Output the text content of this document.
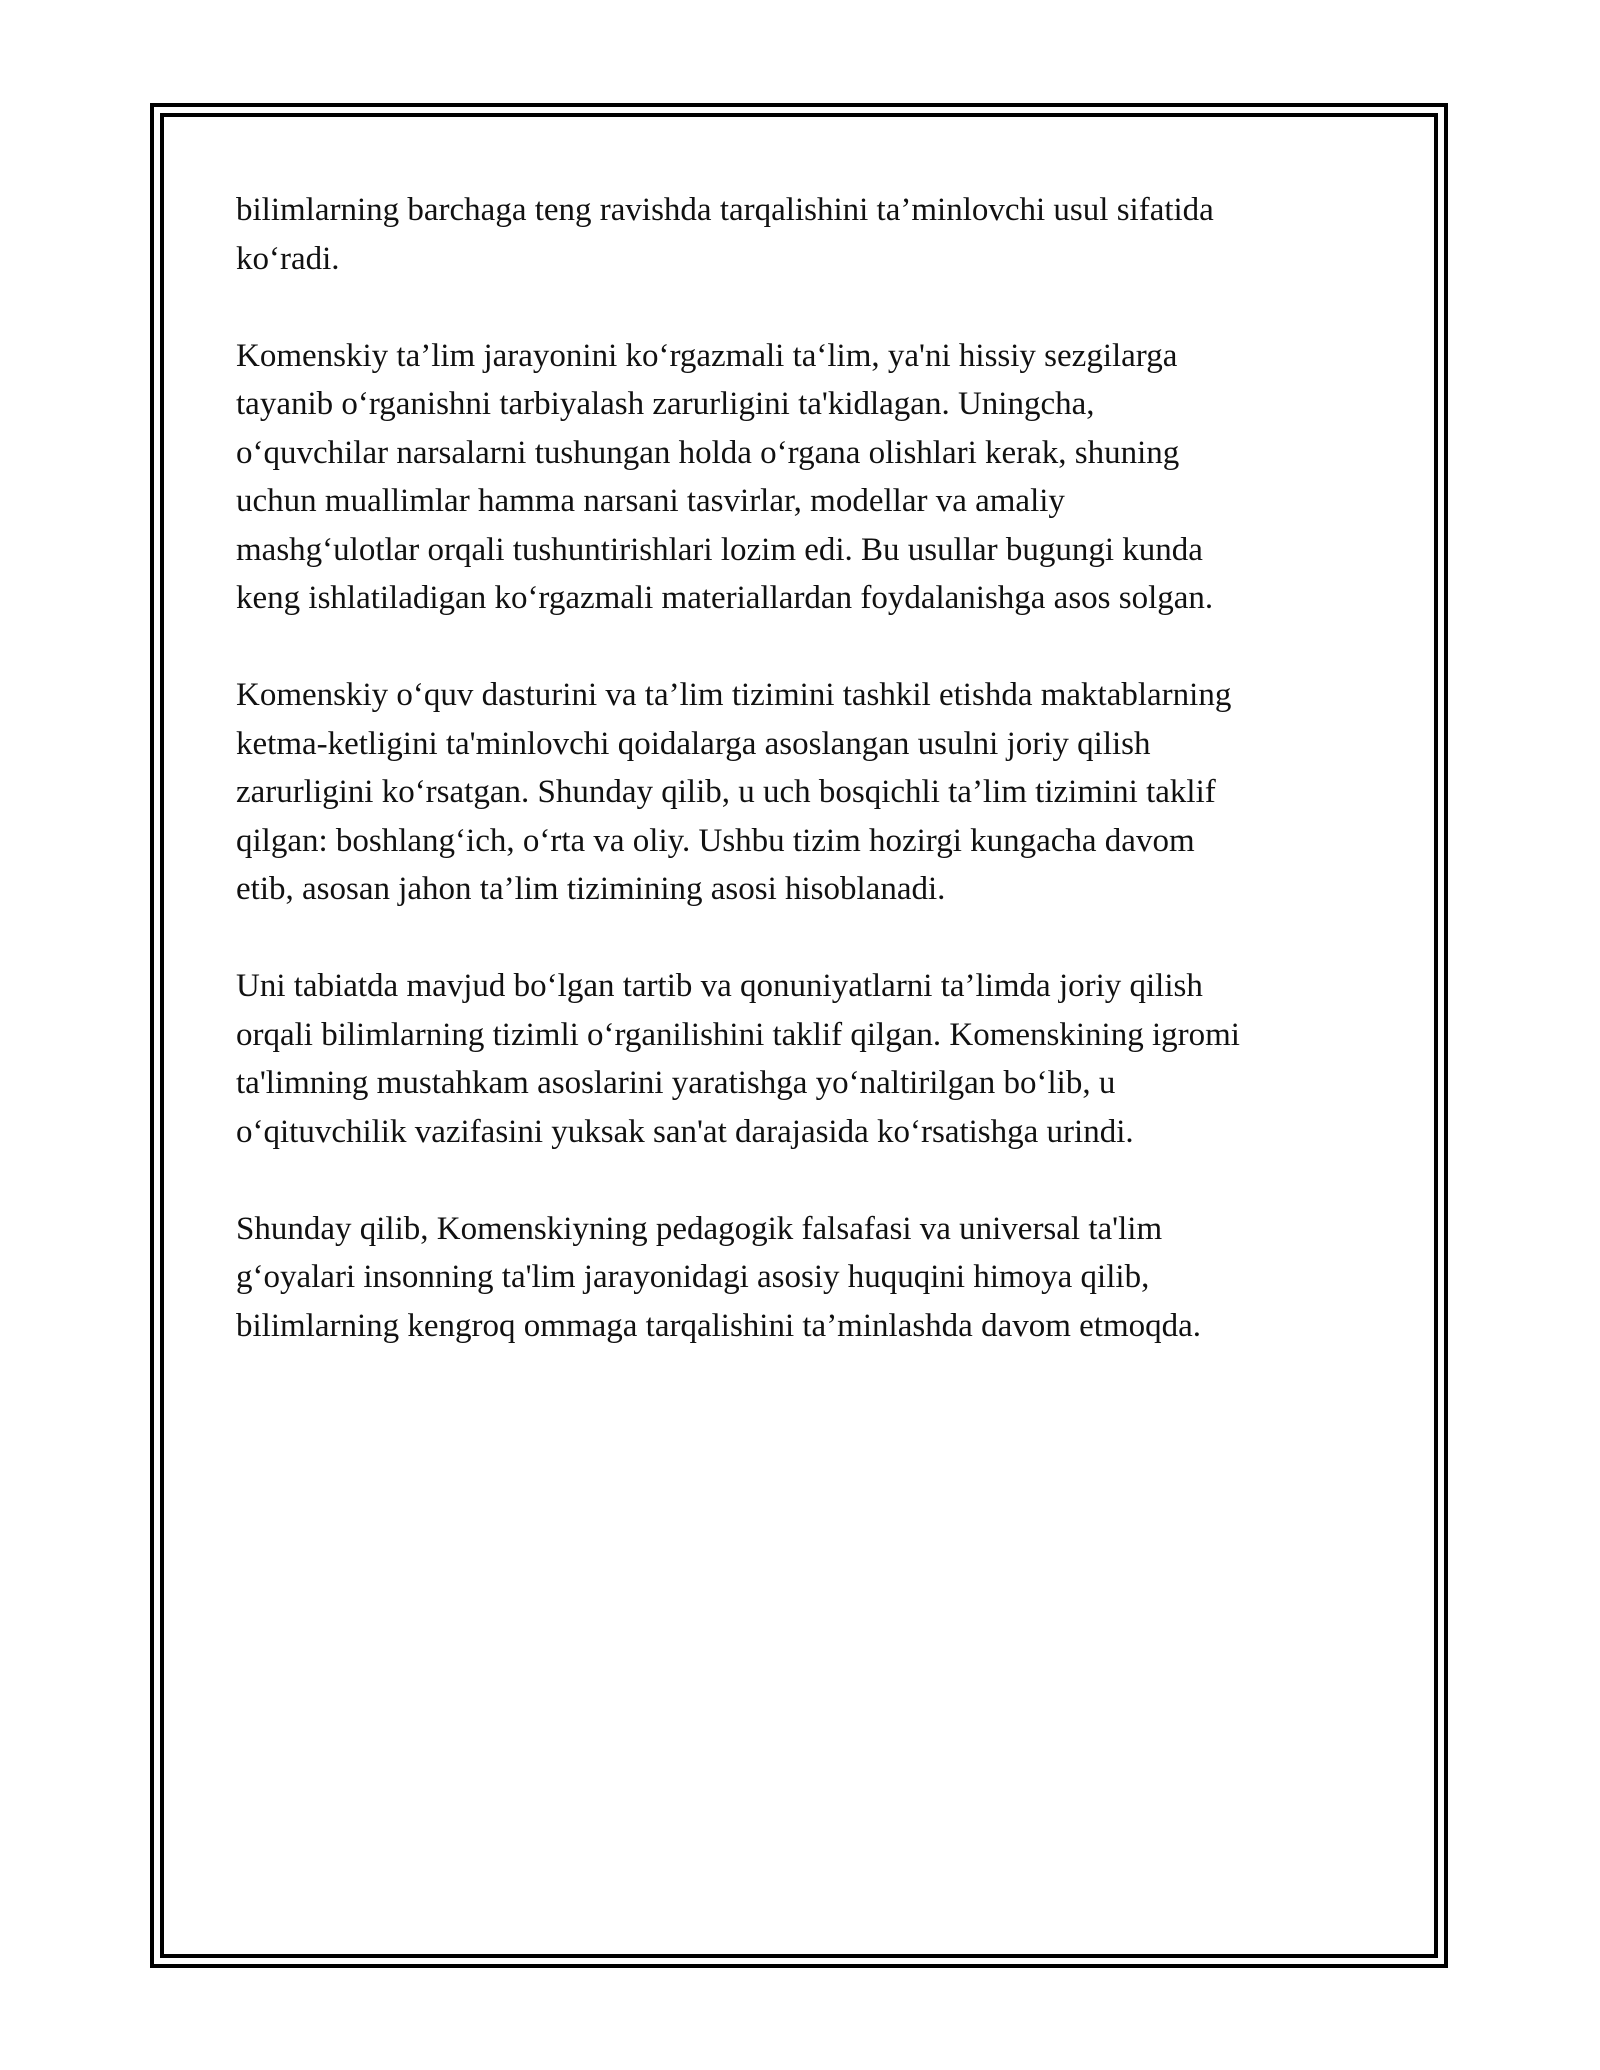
bilimlarning barchaga teng ravishda tarqalishini ta’minlovchi usul sifatida
ko‘radi.

Komenskiy ta’lim jarayonini ko‘rgazmali ta‘lim, ya'ni hissiy sezgilarga
tayanib o‘rganishni tarbiyalash zarurligini ta'kidlagan. Uningcha,
o‘quvchilar narsalarni tushungan holda o‘rgana olishlari kerak, shuning
uchun muallimlar hamma narsani tasvirlar, modellar va amaliy
mashg‘ulotlar orqali tushuntirishlari lozim edi. Bu usullar bugungi kunda
keng ishlatiladigan ko‘rgazmali materiallardan foydalanishga asos solgan.

Komenskiy o‘quv dasturini va ta’lim tizimini tashkil etishda maktablarning
ketma-ketligini ta'minlovchi qoidalarga asoslangan usulni joriy qilish
zarurligini ko‘rsatgan. Shunday qilib, u uch bosqichli ta’lim tizimini taklif
qilgan: boshlang‘ich, o‘rta va oliy. Ushbu tizim hozirgi kungacha davom
etib, asosan jahon ta’lim tizimining asosi hisoblanadi.

Uni tabiatda mavjud bo‘lgan tartib va qonuniyatlarni ta’limda joriy qilish
orqali bilimlarning tizimli o‘rganilishini taklif qilgan. Komenskining igromi
ta'limning mustahkam asoslarini yaratishga yo‘naltirilgan bo‘lib, u
o‘qituvchilik vazifasini yuksak san'at darajasida ko‘rsatishga urindi.

Shunday qilib, Komenskiyning pedagogik falsafasi va universal ta'lim
g‘oyalari insonning ta'lim jarayonidagi asosiy huquqini himoya qilib,
bilimlarning kengroq ommaga tarqalishini ta’minlashda davom etmoqda.
